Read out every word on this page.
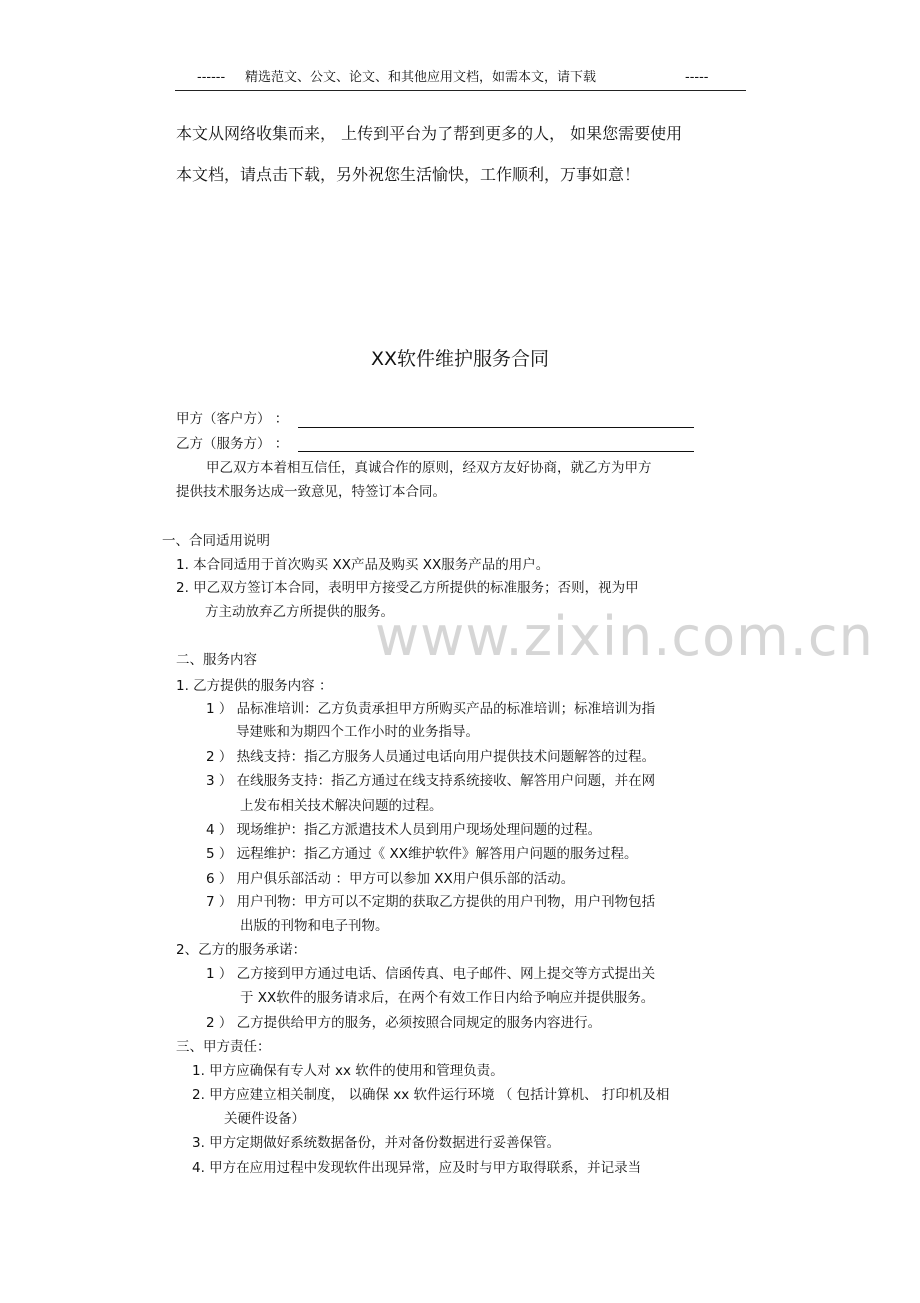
------ 精选范文、公文、论文、和其他应用文档，如需本文，请下载	-----
本文从网络收集而来， 上传到平台为了帮到更多的人， 如果您需要使用
本文档，请点击下载，另外祝您生活愉快，工作顺利，万事如意！
www.zixin.com.cn
XX软件维护服务合同
甲方（客户方） ：
乙方（服务方） ：
甲乙双方本着相互信任，真诚合作的原则，经双方友好协商，就乙方为甲方
提供技术服务达成一致意见，特签订本合同。
一、合同适用说明
1. 本合同适用于首次购买 XX产品及购买 XX服务产品的用户。
2. 甲乙双方签订本合同，表明甲方接受乙方所提供的标准服务；否则，视为甲
方主动放弃乙方所提供的服务。
二、服务内容
1. 乙方提供的服务内容 ：
1 ） 品标准培训：乙方负责承担甲方所购买产品的标准培训；标准培训为指
导建账和为期四个工作小时的业务指导。
2 ） 热线支持：指乙方服务人员通过电话向用户提供技术问题解答的过程。
3 ） 在线服务支持：指乙方通过在线支持系统接收、解答用户问题，并在网
上发布相关技术解决问题的过程。
4 ） 现场维护：指乙方派遣技术人员到用户现场处理问题的过程。
5 ） 远程维护：指乙方通过《 XX维护软件》解答用户问题的服务过程。
6 ） 用户俱乐部活动 ：甲方可以参加 XX用户俱乐部的活动。
7 ） 用户刊物：甲方可以不定期的获取乙方提供的用户刊物，用户刊物包括
出版的刊物和电子刊物。
2、乙方的服务承诺：
1 ） 乙方接到甲方通过电话、信函传真、电子邮件、网上提交等方式提出关
于 XX软件的服务请求后，在两个有效工作日内给予响应并提供服务。
2 ） 乙方提供给甲方的服务，必须按照合同规定的服务内容进行。
三、甲方责任：
1. 甲方应确保有专人对 xx 软件的使用和管理负责。
2. 甲方应建立相关制度， 以确保 xx 软件运行环境 （ 包括计算机、 打印机及相
关硬件设备）
3. 甲方定期做好系统数据备份，并对备份数据进行妥善保管。
4. 甲方在应用过程中发现软件出现异常，应及时与甲方取得联系，并记录当
